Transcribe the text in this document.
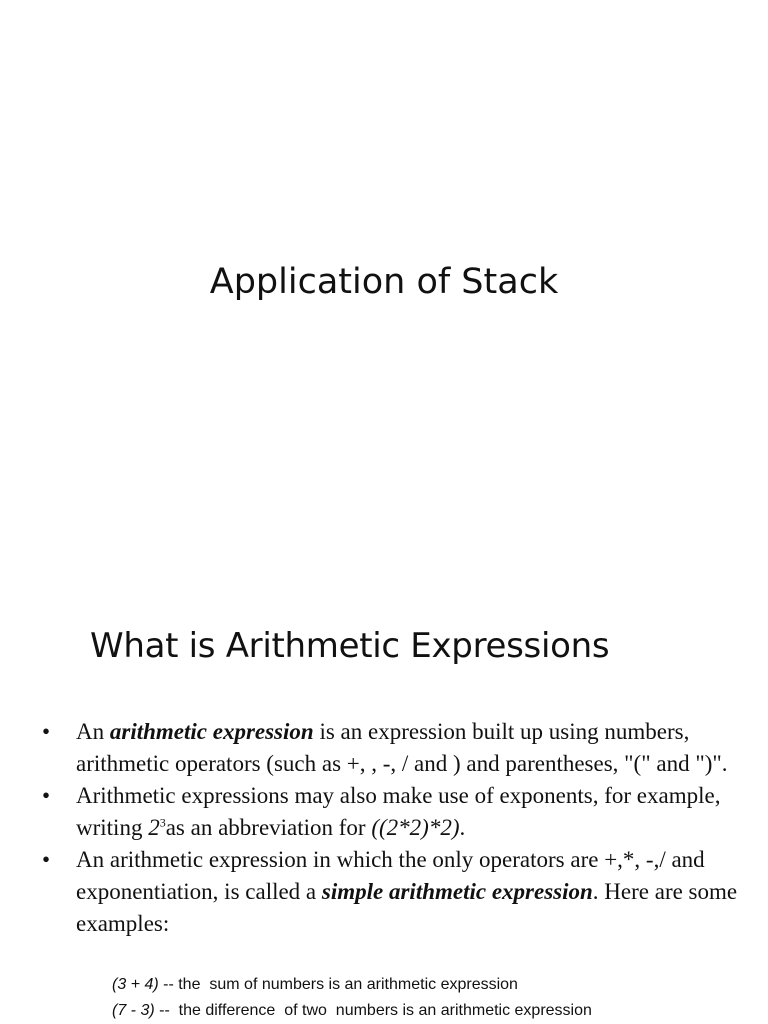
Application of Stack
What is Arithmetic Expressions
• An arithmetic expression is an expression built up using numbers, arithmetic operators (such as +, , -, / and ) and parentheses, "(" and ")".
• Arithmetic expressions may also make use of exponents, for example, writing $2^3as$ an abbreviation for ((2*2)*2).
• An arithmetic expression in which the only operators are +,*, -,/ and exponentiation, is called a simple arithmetic expression. Here are some examples:
(3 + 4) -- the  sum of numbers is an arithmetic expression
(7 - 3) --  the difference  of two  numbers is an arithmetic expression
